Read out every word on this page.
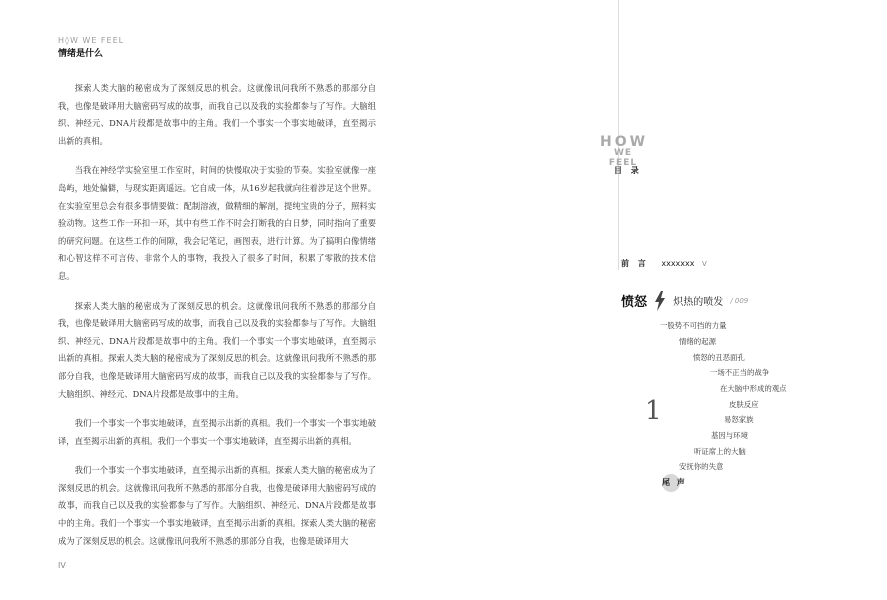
H◊W WE FEEL
情绪是什么

探索人类大脑的秘密成为了深刻反思的机会。这就像讯问我所不熟悉的那部分自我，也像是破译用大脑密码写成的故事，而我自己以及我的实验都参与了写作。大脑组织、神经元、DNA片段都是故事中的主角。我们一个事实一个事实地破译，直至揭示出新的真相。

当我在神经学实验室里工作室时，时间的快慢取决于实验的节奏。实验室就像一座岛屿，地处偏僻，与现实距离遥远。它自成一体，从16岁起我就向往着涉足这个世界。在实验室里总会有很多事情要做：配制溶液，做精细的解剖，提纯宝贵的分子，照料实验动物。这些工作一环扣一环，其中有些工作不时会打断我的白日梦，同时指向了重要的研究问题。在这些工作的间隙，我会记笔记，画图表，进行计算。为了搞明白像情绪和心智这样不可言传、非常个人的事物，我投入了很多了时间，积累了零散的技术信息。

探索人类大脑的秘密成为了深刻反思的机会。这就像讯问我所不熟悉的那部分自我，也像是破译用大脑密码写成的故事，而我自己以及我的实验都参与了写作。大脑组织、神经元、DNA片段都是故事中的主角。我们一个事实一个事实地破译，直至揭示出新的真相。探索人类大脑的秘密成为了深刻反思的机会。这就像讯问我所不熟悉的那部分自我，也像是破译用大脑密码写成的故事，而我自己以及我的实验都参与了写作。大脑组织、神经元、DNA片段都是故事中的主角。

我们一个事实一个事实地破译，直至揭示出新的真相。我们一个事实一个事实地破译，直至揭示出新的真相。我们一个事实一个事实地破译，直至揭示出新的真相。

我们一个事实一个事实地破译，直至揭示出新的真相。探索人类大脑的秘密成为了深刻反思的机会。这就像讯问我所不熟悉的那部分自我，也像是破译用大脑密码写成的故事，而我自己以及我的实验都参与了写作。大脑组织、神经元、DNA片段都是故事中的主角。我们一个事实一个事实地破译，直至揭示出新的真相。探索人类大脑的秘密成为了深刻反思的机会。这就像讯问我所不熟悉的那部分自我，也像是破译用大

IV
HOW
WE FEEL
目 录
前 言 xxxxxxx V
愤怒	炽热的喷发 / 009
1
一股势不可挡的力量
情绪的起源
愤怒的丑恶面孔
一场不正当的战争
在大脑中形成的观点
皮肤反应
易怒家族
基因与环境
听证席上的大脑
安抚你的失意
尾 声
